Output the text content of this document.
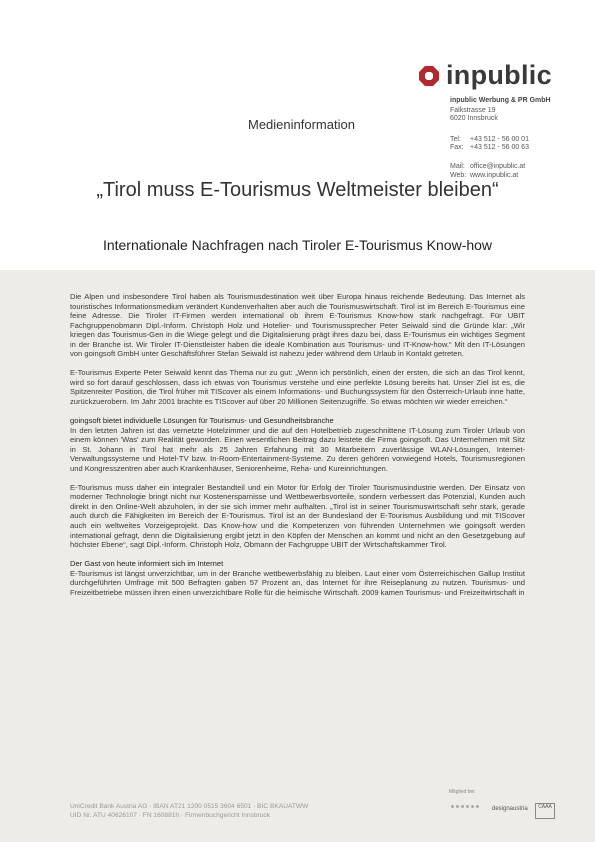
inpublic
inpublic Werbung & PR GmbH
Falkstrasse 19
6020 Innsbruck
Tel:	+43 512 - 56 00 01
Fax: +43 512 - 56 00 63
Mail: office@inpublic.at
Web: www.inpublic.at
Medieninformation
„Tirol muss E-Tourismus Weltmeister bleiben“
Internationale Nachfragen nach Tiroler E-Tourismus Know-how

Die Alpen und insbesondere Tirol haben als Tourismusdestination weit über Europa hinaus reichende Bedeutung. Das Internet als touristisches Informationsmedium verändert Kundenverhalten aber auch die Tourismuswirtschaft. Tirol ist im Bereich E-Tourismus eine feine Adresse. Die Tiroler IT-Firmen werden international ob ihrem E-Tourismus Know-how stark nachgefragt. Für UBIT Fachgruppenobmann Dipl.-Inform. Christoph Holz und Hotelier- und Tourismussprecher Peter Seiwald sind die Gründe klar: „Wir kriegen das Tourismus-Gen in die Wiege gelegt und die Digitalisierung prägt ihres dazu bei, dass E-Tourismus ein wichtiges Segment in der Branche ist. Wir Tiroler IT-Dienstleister haben die ideale Kombination aus Tourismus- und IT-Know-how.“ Mit den IT-Lösungen von goingsoft GmbH unter Geschäftsführer Stefan Seiwald ist nahezu jeder während dem Urlaub in Kontakt getreten.

E-Tourismus Experte Peter Seiwald kennt das Thema nur zu gut: „Wenn ich persönlich, einen der ersten, die sich an das Tirol kennt, wird so fort darauf geschlossen, dass ich etwas von Tourismus verstehe und eine perfekte Lösung bereits hat. Unser Ziel ist es, die Spitzenreiter Position, die Tirol früher mit TIScover als einem Informations- und Buchungssystem für den Österreich-Urlaub inne hatte, zurückzuerobern. Im Jahr 2001 brachte es TIScover auf über 20 Millionen Seitenzugriffe. So etwas möchten wir wieder erreichen.“

goingsoft bietet individuelle Lösungen für Tourismus- und Gesundheitsbranche

In den letzten Jahren ist das vernetzte Hotelzimmer und die auf den Hotelbetrieb zugeschnittene IT-Lösung zum Tiroler Urlaub von einem können 'Was' zum Realität geworden. Einen wesentlichen Beitrag dazu leistete die Firma goingsoft. Das Unternehmen mit Sitz in St. Johann in Tirol hat mehr als 25 Jahren Erfahrung mit 30 Mitarbeitern zuverlässige WLAN-Lösungen, Internet-Verwaltungssysteme und Hotel-TV bzw. In-Room-Entertainment-Systeme. Zu deren gehören vorwiegend Hotels, Tourismusregionen und Kongresszentren aber auch Krankenhäuser, Seniorenheime, Reha- und Kureinrichtungen.

E-Tourismus muss daher ein integraler Bestandteil und ein Motor für Erfolg der Tiroler Tourismusindustrie werden. Der Einsatz von moderner Technologie bringt nicht nur Kostenersparnisse und Wettbewerbsvorteile, sondern verbessert das Potenzial, Kunden auch direkt in den Online-Welt abzuholen, in der sie sich immer mehr aufhalten. „Tirol ist in seiner Tourismuswirtschaft sehr stark, gerade auch durch die Fähigkeiten im Bereich der E-Tourismus. Tirol ist an der Bundesland der E-Tourismus Ausbildung und mit TIScover auch ein weltweites Vorzeigeprojekt. Das Know-how und die Kompetenzen von führenden Unternehmen wie goingsoft werden international gefragt, denn die Digitalisierung ergibt jetzt in den Köpfen der Menschen an kommt und nicht an den Gesetzgebung auf höchster Ebene“, sagt Dipl.-Inform. Christoph Holz, Obmann der Fachgruppe UBIT der Wirtschaftskammer Tirol.

Der Gast von heute informiert sich im Internet

E-Tourismus ist längst unverzichtbar, um in der Branche wettbewerbsfähig zu bleiben. Laut einer vom Österreichischen Gallup Institut durchgeführten Umfrage mit 500 Befragten gaben 57 Prozent an, das Internet für ihre Reiseplanung zu nutzen. Tourismus- und Freizeitbetriebe müssen ihren einen unverzichtbare Rolle für die heimische Wirtschaft. 2009 kamen Tourismus- und Freizeitwirtschaft in

UniCredit Bank Austria AG · IBAN AT21 1200 0515 3604 6501 · BIC BKAUATWW
UID Nr. ATU 40626107 · FN 160881h · Firmenbuchgericht Innsbruck
Mitglied bei:
designaustria	CAAA
